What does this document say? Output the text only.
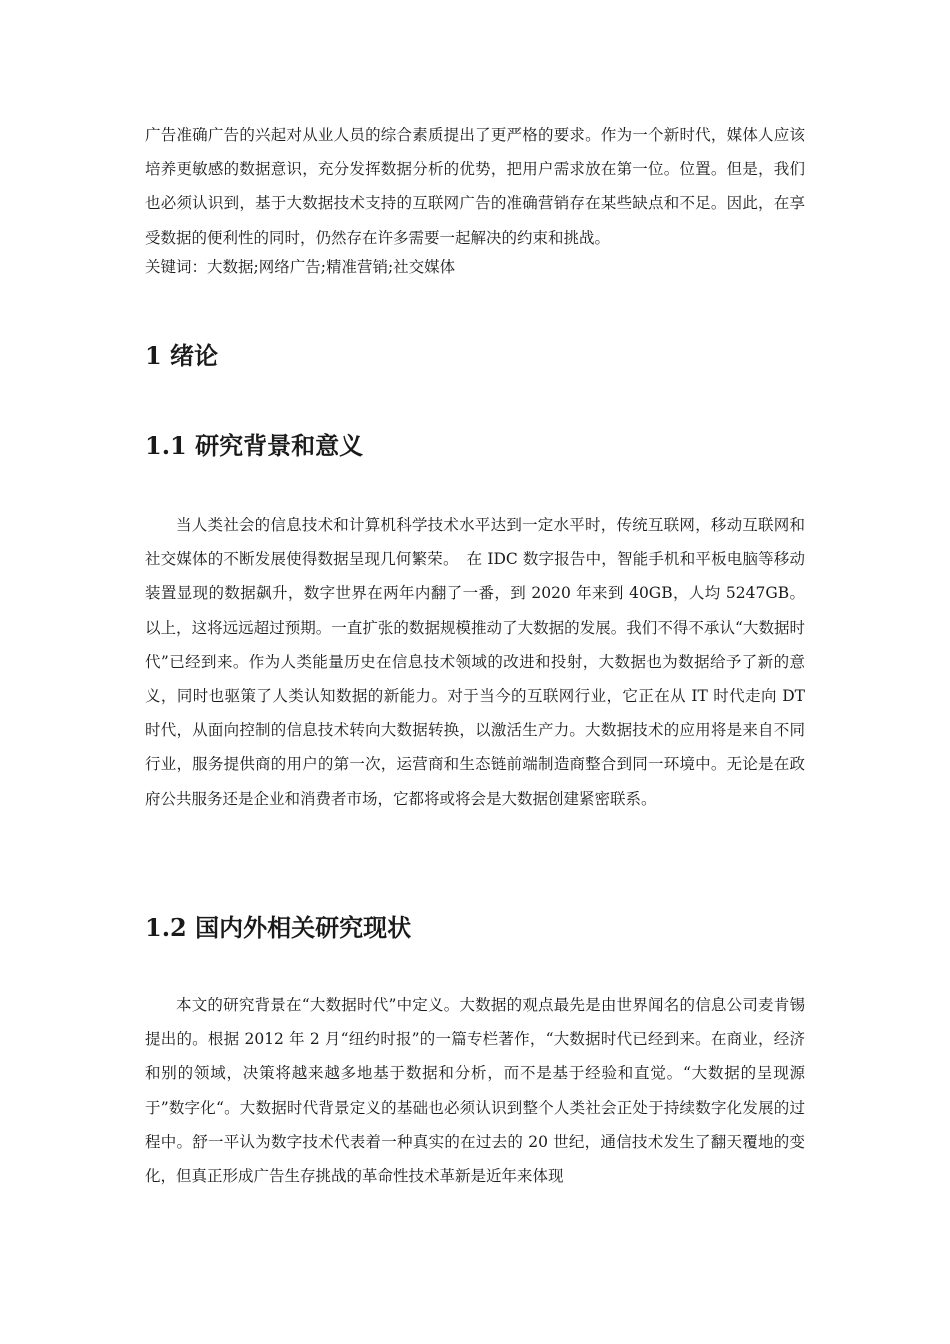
广告准确广告的兴起对从业人员的综合素质提出了更严格的要求。作为一个新时代，媒体人应该培养更敏感的数据意识，充分发挥数据分析的优势，把用户需求放在第一位。位置。但是，我们也必须认识到，基于大数据技术支持的互联网广告的准确营销存在某些缺点和不足。因此，在享受数据的便利性的同时，仍然存在许多需要一起解决的约束和挑战。

关键词：大数据;网络广告;精准营销;社交媒体

1 绪论
1.1 研究背景和意义

当人类社会的信息技术和计算机科学技术水平达到一定水平时，传统互联网，移动互联网和社交媒体的不断发展使得数据呈现几何繁荣。　在 IDC 数字报告中，智能手机和平板电脑等移动装置显现的数据飙升，数字世界在两年内翻了一番，到 2020 年来到 40GB，人均 5247GB。以上，这将远远超过预期。一直扩张的数据规模推动了大数据的发展。我们不得不承认“大数据时代”已经到来。作为人类能量历史在信息技术领域的改进和投射，大数据也为数据给予了新的意义，同时也驱策了人类认知数据的新能力。对于当今的互联网行业，它正在从 IT 时代走向 DT 时代，从面向控制的信息技术转向大数据转换，以激活生产力。大数据技术的应用将是来自不同行业，服务提供商的用户的第一次，运营商和生态链前端制造商整合到同一环境中。无论是在政府公共服务还是企业和消费者市场，它都将或将会是大数据创建紧密联系。

1.2 国内外相关研究现状

本文的研究背景在“大数据时代”中定义。大数据的观点最先是由世界闻名的信息公司麦肯锡提出的。根据 2012 年 2 月“纽约时报”的一篇专栏著作，“大数据时代已经到来。在商业，经济和别的领域，决策将越来越多地基于数据和分析，而不是基于经验和直觉。“大数据的呈现源于”数字化“。大数据时代背景定义的基础也必须认识到整个人类社会正处于持续数字化发展的过程中。舒一平认为数字技术代表着一种真实的在过去的 20 世纪，通信技术发生了翻天覆地的变化，但真正形成广告生存挑战的革命性技术革新是近年来体现
